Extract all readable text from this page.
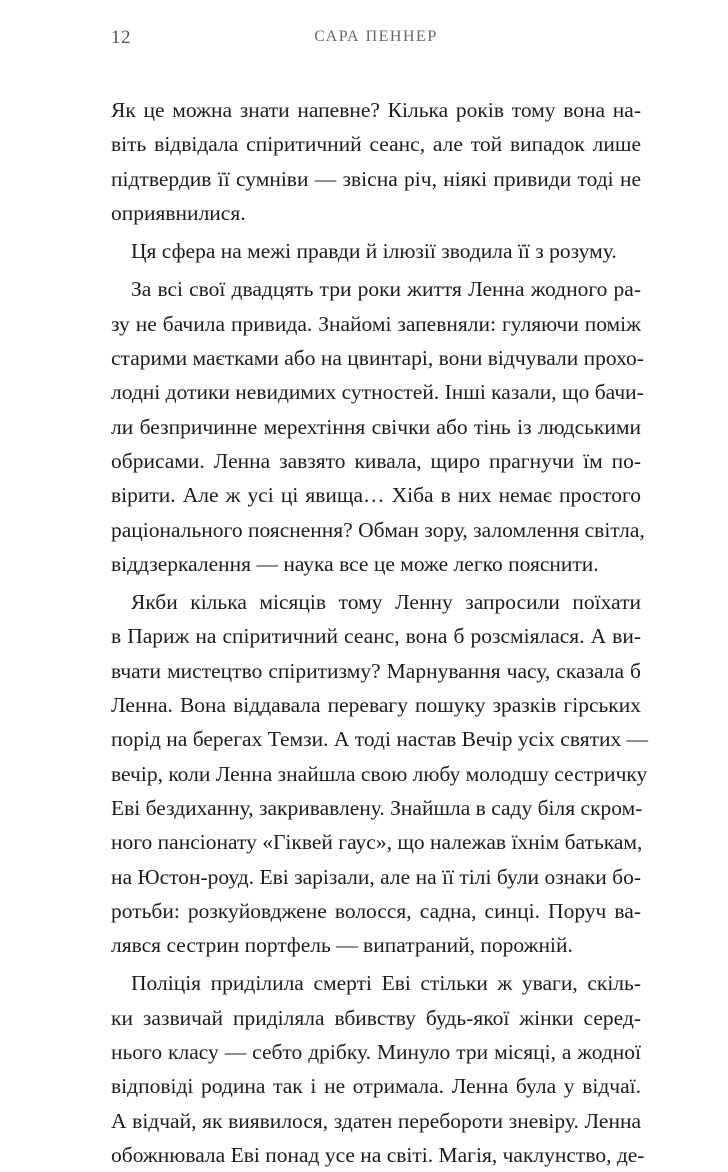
12	САРА ПЕННЕР
Як це можна знати напевне? Кілька років тому вона на-
віть відвідала спіритичний сеанс, але той випадок лише
підтвердив її сумніви — звісна річ, ніякі привиди тоді не
оприявнилися.
Ця сфера на межі правди й ілюзії зводила її з розуму.
За всі свої двадцять три роки життя Ленна жодного ра-
зу не бачила привида. Знайомі запевняли: гуляючи поміж
старими маєтками або на цвинтарі, вони відчували прохо-
лодні дотики невидимих сутностей. Інші казали, що бачи-
ли безпричинне мерехтіння свічки або тінь із людськими
обрисами. Ленна завзято кивала, щиро прагнучи їм по-
вірити. Але ж усі ці явища… Хіба в них немає простого
раціонального пояснення? Обман зору, заломлення світла,
віддзеркалення — наука все це може легко пояснити.
Якби кілька місяців тому Ленну запросили поїхати
в Париж на спіритичний сеанс, вона б розсміялася. А ви-
вчати мистецтво спіритизму? Марнування часу, сказала б
Ленна. Вона віддавала перевагу пошуку зразків гірських
порід на берегах Темзи. А тоді настав Вечір усіх святих —
вечір, коли Ленна знайшла свою любу молодшу сестричку
Еві бездиханну, закривавлену. Знайшла в саду біля скром-
ного пансіонату «Гіквей гаус», що належав їхнім батькам,
на Юстон-роуд. Еві зарізали, але на її тілі були ознаки бо-
ротьби: розкуйовджене волосся, садна, синці. Поруч ва-
лявся сестрин портфель — випатраний, порожній.
Поліція приділила смерті Еві стільки ж уваги, скіль-
ки зазвичай приділяла вбивству будь-якої жінки серед-
нього класу — себто дрібку. Минуло три місяці, а жодної
відповіді родина так і не отримала. Ленна була у відчаї.
А відчай, як виявилося, здатен перебороти зневіру. Ленна
обожнювала Еві понад усе на світі. Магія, чаклунство, де-
